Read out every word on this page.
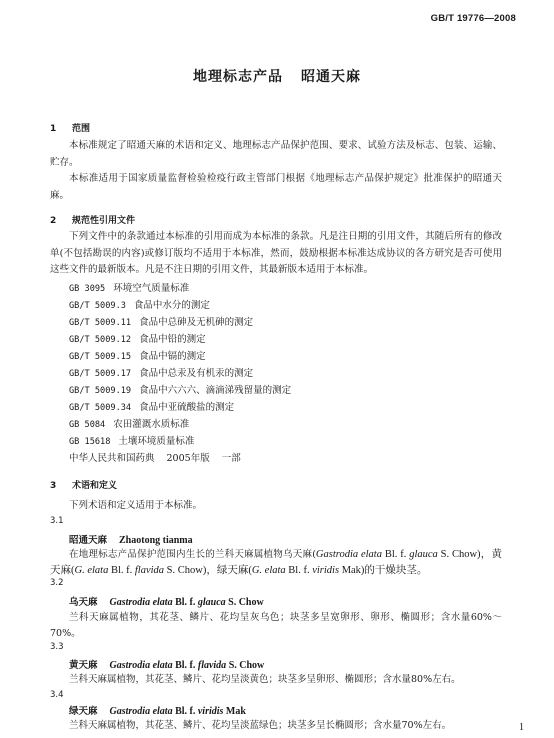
GB/T 19776—2008
地理标志产品 昭通天麻
1 范围
本标准规定了昭通天麻的术语和定义、地理标志产品保护范围、要求、试验方法及标志、包装、运输、贮存。
本标准适用于国家质量监督检验检疫行政主管部门根据《地理标志产品保护规定》批准保护的昭通天麻。
2 规范性引用文件
下列文件中的条款通过本标准的引用而成为本标准的条款。凡是注日期的引用文件，其随后所有的修改单(不包括勘误的内容)或修订版均不适用于本标准，然而，鼓励根据本标准达成协议的各方研究是否可使用这些文件的最新版本。凡是不注日期的引用文件，其最新版本适用于本标准。
GB 3095 环境空气质量标准
GB/T 5009.3 食品中水分的测定
GB/T 5009.11 食品中总砷及无机砷的测定
GB/T 5009.12 食品中铅的测定
GB/T 5009.15 食品中镉的测定
GB/T 5009.17 食品中总汞及有机汞的测定
GB/T 5009.19 食品中六六六、滴滴涕残留量的测定
GB/T 5009.34 食品中亚硫酸盐的测定
GB 5084 农田灌溉水质标准
GB 15618 土壤环境质量标准
中华人民共和国药典 2005年版 一部
3 术语和定义
下列术语和定义适用于本标准。
3.1
昭通天麻 Zhaotong tianma
在地理标志产品保护范围内生长的兰科天麻属植物乌天麻(Gastrodia elata Bl. f. glauca S. Chow)，黄天麻(G. elata Bl. f. flavida S. Chow)，绿天麻(G. elata Bl. f. viridis Mak)的干燥块茎。
3.2
乌天麻 Gastrodia elata Bl. f. glauca S. Chow
兰科天麻属植物，其花茎、鳞片、花均呈灰乌色；块茎多呈宽卵形、卵形、椭圆形；含水量60%～70%。
3.3
黄天麻 Gastrodia elata Bl. f. flavida S. Chow
兰科天麻属植物，其花茎、鳞片、花均呈淡黄色；块茎多呈卵形、椭圆形；含水量80%左右。
3.4
绿天麻 Gastrodia elata Bl. f. viridis Mak
兰科天麻属植物，其花茎、鳞片、花均呈淡蓝绿色；块茎多呈长椭圆形；含水量70%左右。	1
